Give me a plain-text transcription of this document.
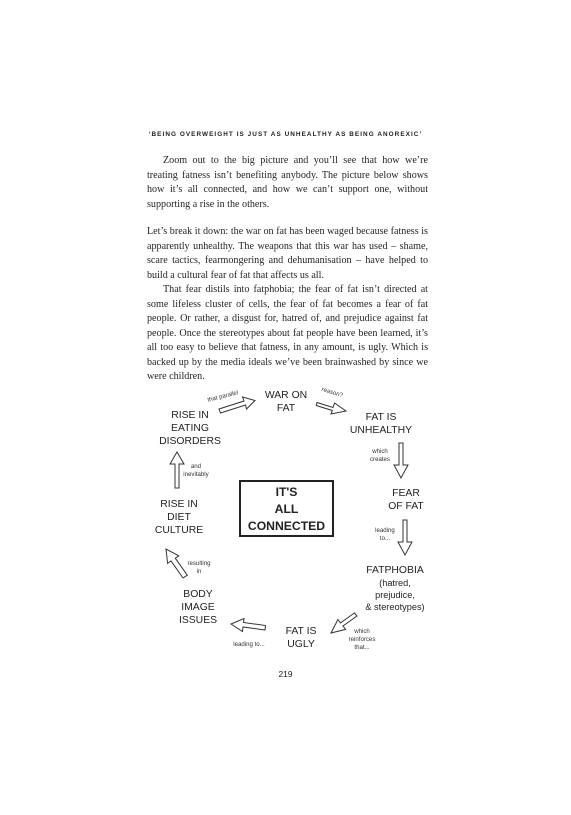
‘BEING OVERWEIGHT IS JUST AS UNHEALTHY AS BEING ANOREXIC’

Zoom out to the big picture and you’ll see that how we’re treating fatness isn’t benefiting anybody. The picture below shows how it’s all connected, and how we can’t support one, without supporting a rise in the others.

Let’s break it down: the war on fat has been waged because fatness is apparently unhealthy. The weapons that this war has used – shame, scare tactics, fearmongering and dehumanisation – have helped to build a cultural fear of fat that affects us all.

That fear distils into fatphobia; the fear of fat isn’t directed at some lifeless cluster of cells, the fear of fat becomes a fear of fat people. Or rather, a disgust for, hatred of, and prejudice against fat people. Once the stereotypes about fat people have been learned, it’s all too easy to believe that fatness, in any amount, is ugly. Which is backed up by the media ideals we’ve been brainwashed by since we were children.

WAR ON
FAT
FAT IS
UNHEALTHY
FEAR
OF FAT
FATPHOBIA
(hatred,
prejudice,
& stereotypes)
FAT IS
UGLY
BODY
IMAGE
ISSUES
RISE IN
DIET
CULTURE
RISE IN
EATING
DISORDERS
reason?
which
creates
leading
to...
which
reinforces
that...
leading to...
resulting
in
and
inevitably
that parallel
IT'S
ALL
CONNECTED
219
